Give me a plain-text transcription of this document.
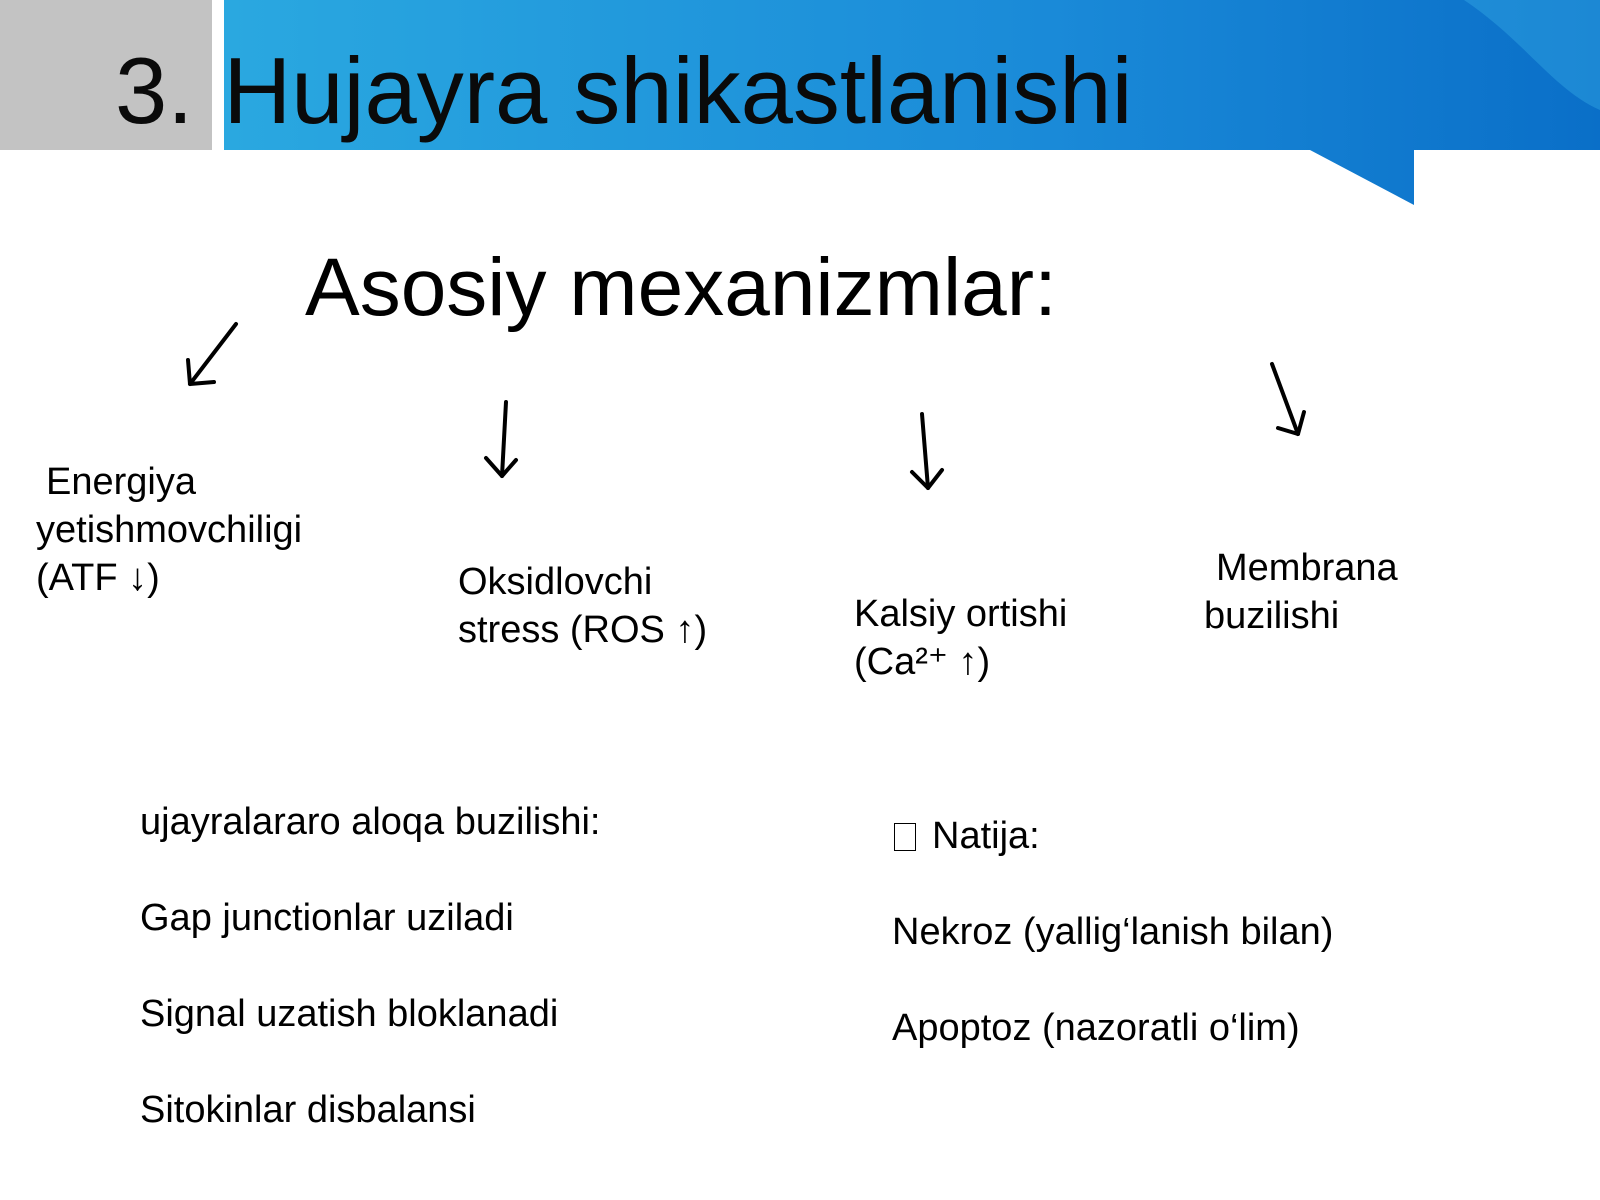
3. Hujayra shikastlanishi
Asosiy mexanizmlar:
Energiya
yetishmovchiligi
(ATF ↓)	Oksidlovchi
stress (ROS ↑)	Kalsiy ortishi
(Ca²⁺ ↑)
Membrana
buzilishi
ujayralararo aloqa buzilishi:
Gap junctionlar uziladi
Signal uzatish bloklanadi
Sitokinlar disbalansi
Natija:
Nekroz (yallig‘lanish bilan)
Apoptoz (nazoratli o‘lim)
